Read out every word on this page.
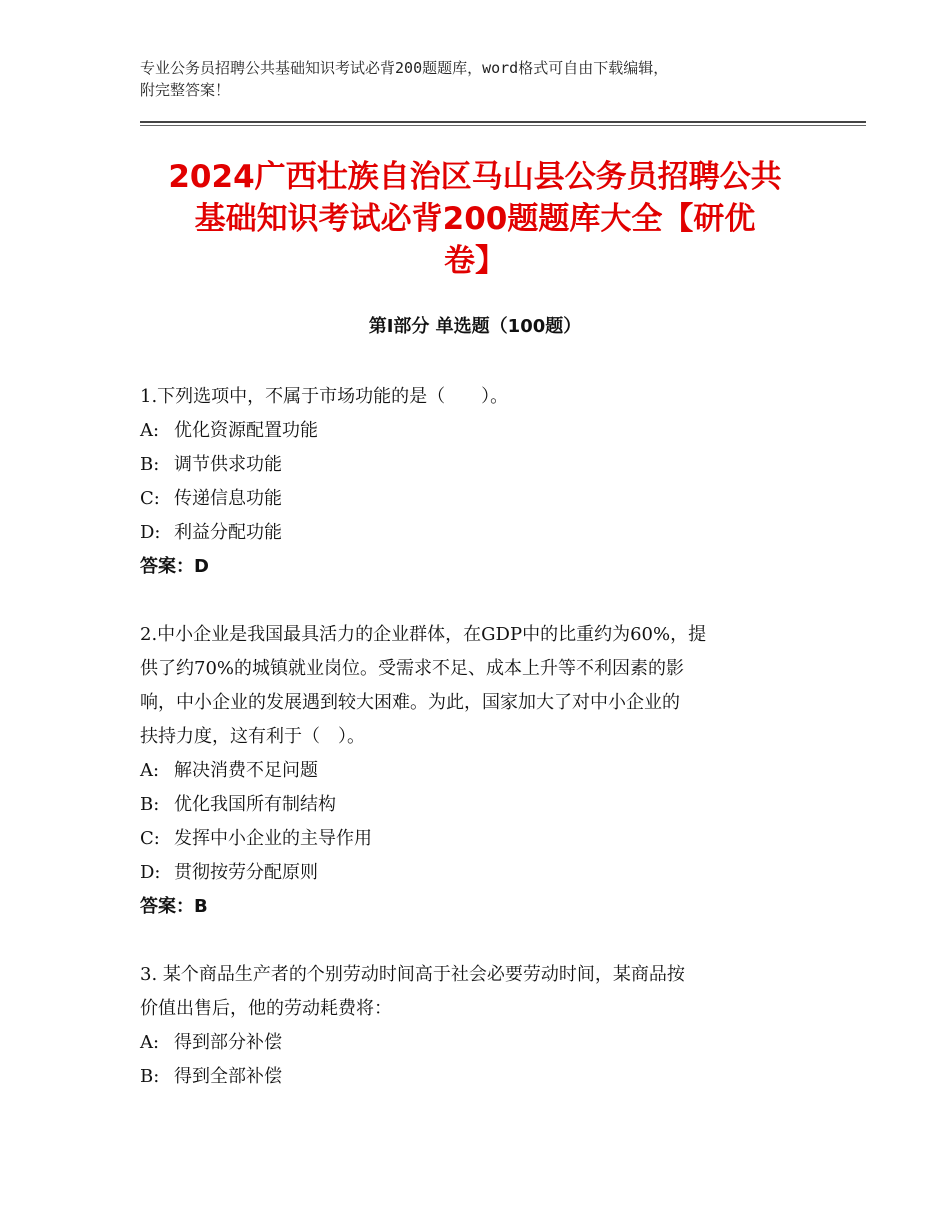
专业公务员招聘公共基础知识考试必背200题题库，word格式可自由下载编辑，
附完整答案！
2024广西壮族自治区马山县公务员招聘公共
基础知识考试必背200题题库大全【研优
卷】
第Ⅰ部分 单选题（100题）
1.下列选项中，不属于市场功能的是（　　）。
A: 优化资源配置功能
B: 调节供求功能
C: 传递信息功能
D: 利益分配功能
答案：D
2.中小企业是我国最具活力的企业群体，在GDP中的比重约为60%，提
供了约70%的城镇就业岗位。受需求不足、成本上升等不利因素的影
响，中小企业的发展遇到较大困难。为此，国家加大了对中小企业的
扶持力度，这有利于（　）。
A: 解决消费不足问题
B: 优化我国所有制结构
C: 发挥中小企业的主导作用
D: 贯彻按劳分配原则
答案：B
3. 某个商品生产者的个别劳动时间高于社会必要劳动时间，某商品按
价值出售后，他的劳动耗费将：
A: 得到部分补偿
B: 得到全部补偿
